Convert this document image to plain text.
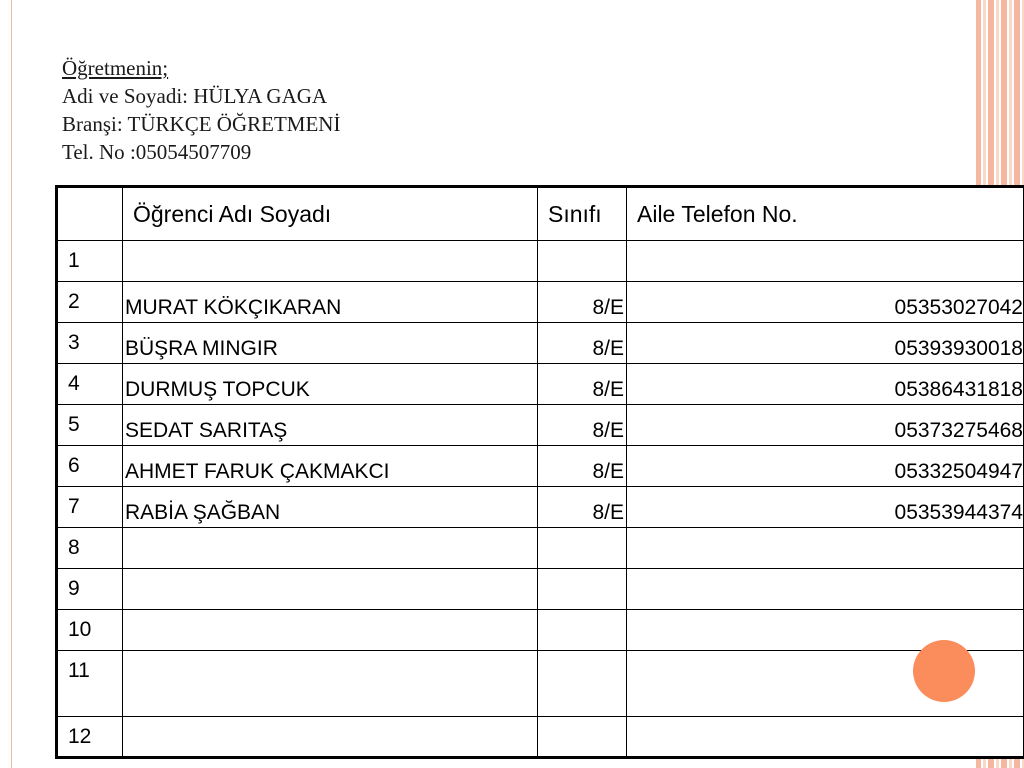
Öğretmenin;
Adi ve Soyadi: HÜLYA GAGA
Branşi: TÜRKÇE ÖĞRETMENİ
Tel. No :05054507709
	Öğrenci Adı Soyadı	Sınıfı	Aile Telefon No.
1			
2	MURAT KÖKÇIKARAN	8/E	05353027042
3	BÜŞRA MINGIR	8/E	05393930018
4	DURMUŞ TOPCUK	8/E	05386431818
5	SEDAT SARITAŞ	8/E	05373275468
6	AHMET FARUK ÇAKMAKCI	8/E	05332504947
7	RABİA ŞAĞBAN	8/E	05353944374
8			
9			
10			
11			
12			
